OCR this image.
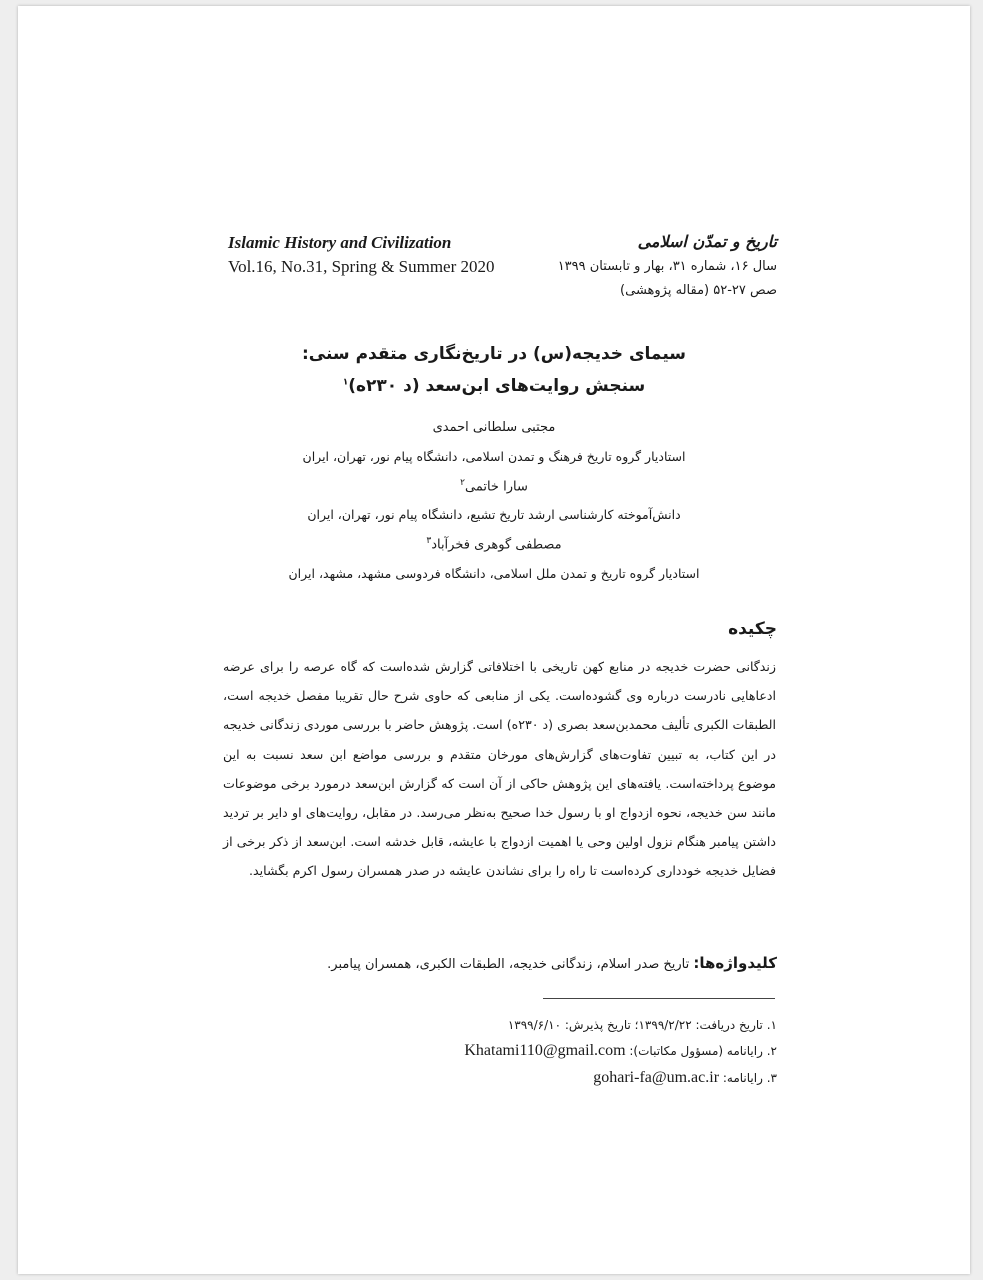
Islamic History and Civilization
Vol.16, No.31, Spring & Summer 2020
تاریخ و تمدّن اسلامی
سال ۱۶، شماره ۳۱، بهار و تابستان ۱۳۹۹
صص ۲۷-۵۲ (مقاله پژوهشی)
سیمای خدیجه(س) در تاریخ‌نگاری متقدم سنی:
سنجش روایت‌های ابن‌سعد (د ۲۳۰ه)$^۱$
مجتبی سلطانی احمدی
استادیار گروه تاریخ فرهنگ و تمدن اسلامی، دانشگاه پیام نور، تهران، ایران
سارا خاتمی$^۲$
دانش‌آموخته کارشناسی ارشد تاریخ تشیع، دانشگاه پیام نور، تهران، ایران
مصطفی گوهری فخرآباد$^۳$
استادیار گروه تاریخ و تمدن ملل اسلامی، دانشگاه فردوسی مشهد، مشهد، ایران
چکیده
زندگانی حضرت خدیجه در منابع کهن تاریخی با اختلافاتی گزارش شده‌است که گاه عرصه را برای عرضه ادعاهایی نادرست درباره وی گشوده‌است. یکی از منابعی که حاوی شرح حال تقریبا مفصل خدیجه است، الطبقات الکبری تألیف محمدبن‌سعد بصری (د ۲۳۰ه) است. پژوهش حاضر با بررسی موردی زندگانی خدیجه در این کتاب، به تبیین تفاوت‌های گزارش‌های مورخان متقدم و بررسی مواضع ابن سعد نسبت به این موضوع پرداخته‌است. یافته‌های این پژوهش حاکی از آن است که گزارش ابن‌سعد درمورد برخی موضوعات مانند سن خدیجه، نحوه ازدواج او با رسول خدا صحیح به‌نظر می‌رسد. در مقابل، روایت‌های او دایر بر تردید داشتن پیامبر هنگام نزول اولین وحی یا اهمیت ازدواج با عایشه، قابل خدشه است. ابن‌سعد از ذکر برخی از فضایل خدیجه خودداری کرده‌است تا راه را برای نشاندن عایشه در صدر همسران رسول اکرم بگشاید.
کلیدواژه‌ها: تاریخ صدر اسلام، زندگانی خدیجه، الطبقات الکبری، همسران پیامبر.
۱. تاریخ دریافت: ۱۳۹۹/۲/۲۲؛ تاریخ پذیرش: ۱۳۹۹/۶/۱۰
۲. رایانامه (مسؤول مکاتبات): Khatami110@gmail.com
۳. رایانامه: gohari-fa@um.ac.ir
